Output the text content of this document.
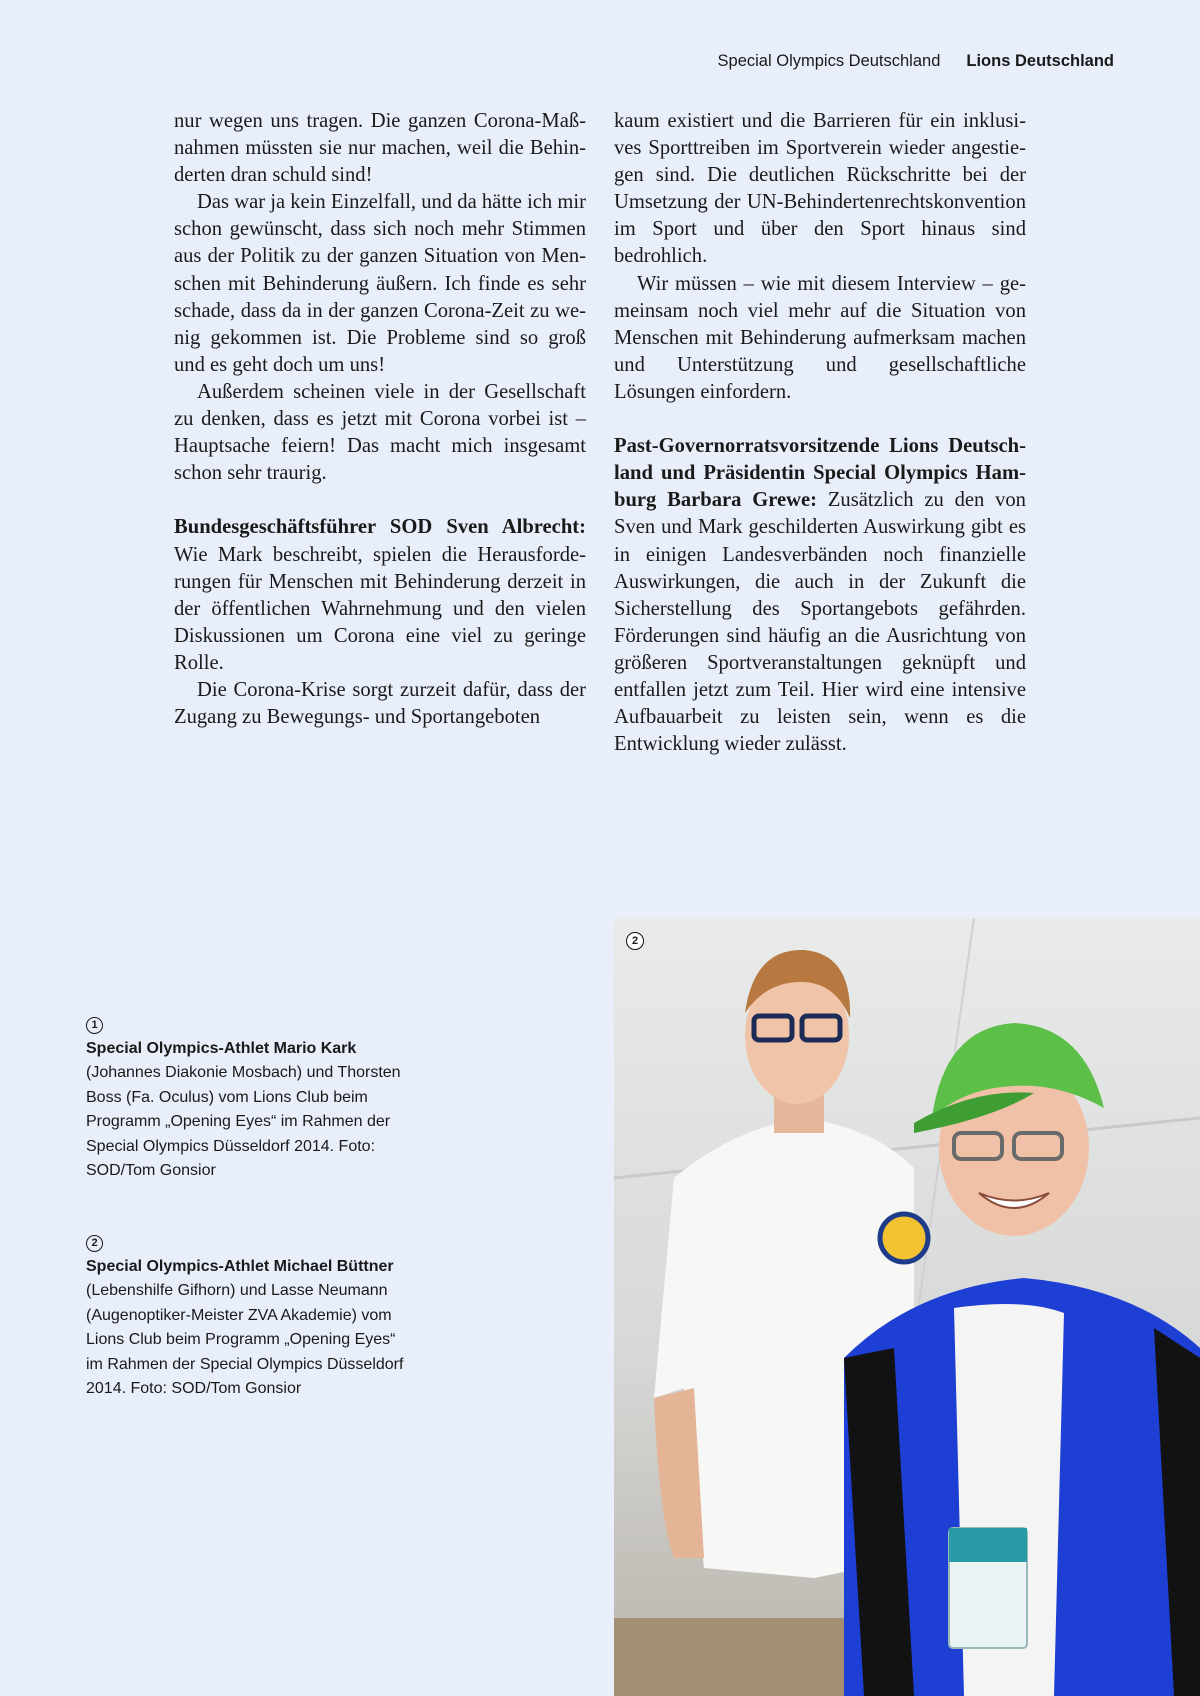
Special Olympics Deutschland Lions Deutschland

nur wegen uns tragen. Die ganzen Corona-Maßnahmen müssten sie nur machen, weil die Behinderten dran schuld sind!

Das war ja kein Einzelfall, und da hätte ich mir schon gewünscht, dass sich noch mehr Stimmen aus der Politik zu der ganzen Situation von Menschen mit Behinderung äußern. Ich finde es sehr schade, dass da in der ganzen Corona-Zeit zu wenig gekommen ist. Die Probleme sind so groß und es geht doch um uns!

Außerdem scheinen viele in der Gesellschaft zu denken, dass es jetzt mit Corona vorbei ist – Hauptsache feiern! Das macht mich insgesamt schon sehr traurig.

Bundesgeschäftsführer SOD Sven Albrecht: Wie Mark beschreibt, spielen die Herausforderungen für Menschen mit Behinderung derzeit in der öffentlichen Wahrnehmung und den vielen Diskussionen um Corona eine viel zu geringe Rolle.

Die Corona-Krise sorgt zurzeit dafür, dass der Zugang zu Bewegungs- und Sportangeboten

kaum existiert und die Barrieren für ein inklusives Sporttreiben im Sportverein wieder angestiegen sind. Die deutlichen Rückschritte bei der Umsetzung der UN-Behindertenrechtskonvention im Sport und über den Sport hinaus sind bedrohlich.

Wir müssen – wie mit diesem Interview – gemeinsam noch viel mehr auf die Situation von Menschen mit Behinderung aufmerksam machen und Unterstützung und gesellschaftliche Lösungen einfordern.

Past-Governorratsvorsitzende Lions Deutschland und Präsidentin Special Olympics Hamburg Barbara Grewe: Zusätzlich zu den von Sven und Mark geschilderten Auswirkung gibt es in einigen Landesverbänden noch finanzielle Auswirkungen, die auch in der Zukunft die Sicherstellung des Sportangebots gefährden. Förderungen sind häufig an die Ausrichtung von größeren Sportveranstaltungen geknüpft und entfallen jetzt zum Teil. Hier wird eine intensive Aufbauarbeit zu leisten sein, wenn es die Entwicklung wieder zulässt.

1
Special Olympics-Athlet Mario Kark
(Johannes Diakonie Mosbach) und Thorsten Boss (Fa. Oculus) vom Lions Club beim Programm „Opening Eyes“ im Rahmen der Special Olympics Düsseldorf 2014. Foto: SOD/Tom Gonsior
2
Special Olympics-Athlet Michael Büttner
(Lebenshilfe Gifhorn) und Lasse Neumann (Augenoptiker-Meister ZVA Akademie) vom Lions Club beim Programm „Opening Eyes“ im Rahmen der Special Olympics Düsseldorf 2014. Foto: SOD/Tom Gonsior
2
